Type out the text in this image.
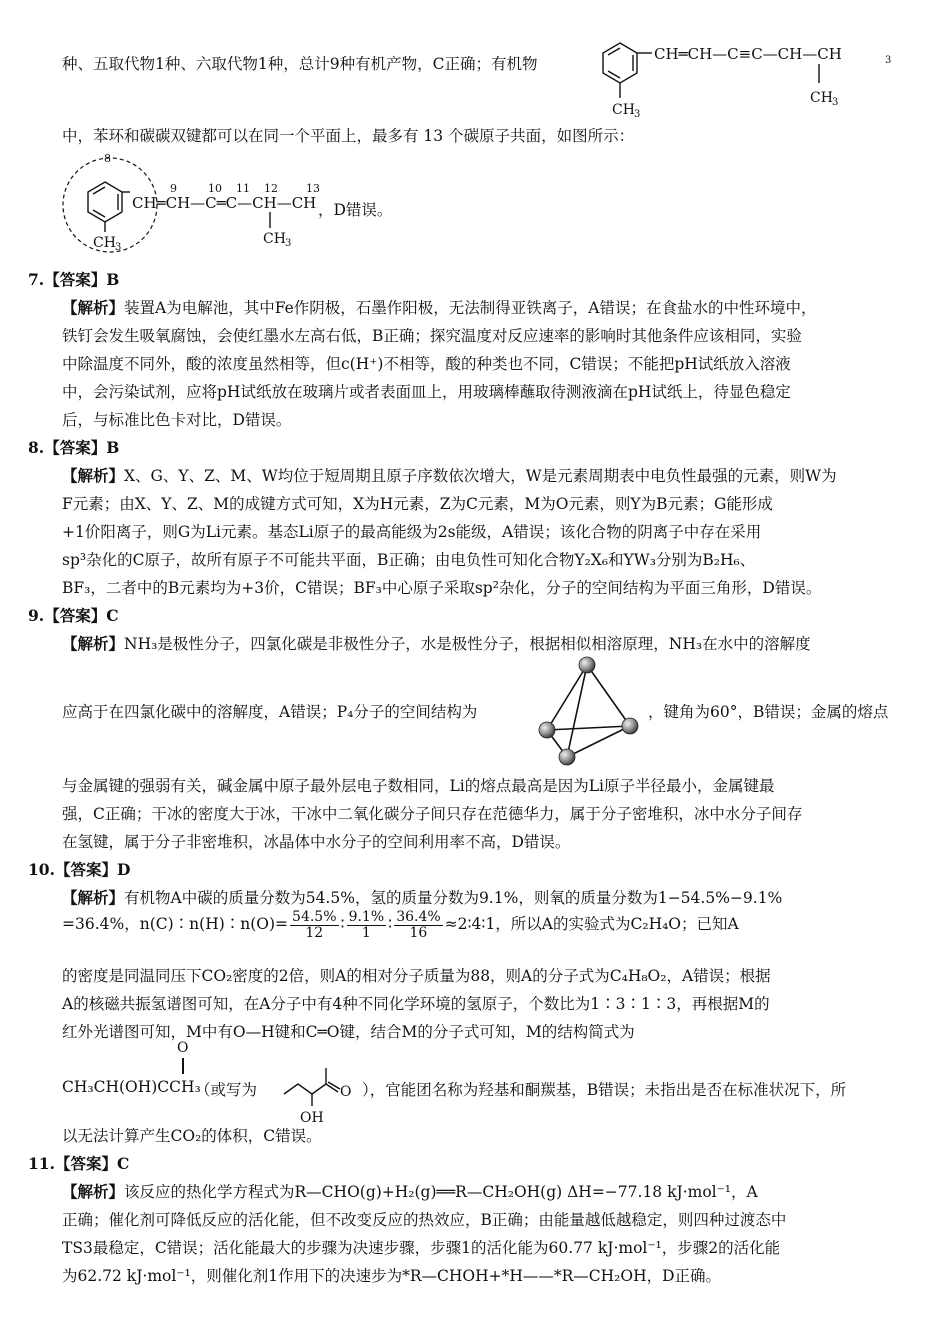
种、五取代物1种、六取代物1种，总计9种有机产物，C正确；有机物
CH═CH—C≡C—CH—CH	3
CH 3
CH 3
中，苯环和碳碳双键都可以在同一个平面上，最多有 13 个碳原子共面，如图所示：
8
9	10 11 12	13
CH═CH—C═C—CH—CH
CH 3
CH 3
，D错误。
7.【答案】B
【解析】装置A为电解池，其中Fe作阴极，石墨作阳极，无法制得亚铁离子，A错误；在食盐水的中性环境中，
铁钉会发生吸氧腐蚀，会使红墨水左高右低，B正确；探究温度对反应速率的影响时其他条件应该相同，实验
中除温度不同外，酸的浓度虽然相等，但c(H⁺)不相等，酸的种类也不同，C错误；不能把pH试纸放入溶液
中，会污染试剂，应将pH试纸放在玻璃片或者表面皿上，用玻璃棒蘸取待测液滴在pH试纸上，待显色稳定
后，与标准比色卡对比，D错误。
8.【答案】B
【解析】X、G、Y、Z、M、W均位于短周期且原子序数依次增大，W是元素周期表中电负性最强的元素，则W为
F元素；由X、Y、Z、M的成键方式可知，X为H元素，Z为C元素，M为O元素，则Y为B元素；G能形成
+1价阳离子，则G为Li元素。基态Li原子的最高能级为2s能级，A错误；该化合物的阴离子中存在采用
sp³杂化的C原子，故所有原子不可能共平面，B正确；由电负性可知化合物Y₂X₆和YW₃分别为B₂H₆、
BF₃，二者中的B元素均为+3价，C错误；BF₃中心原子采取sp²杂化，分子的空间结构为平面三角形，D错误。
9.【答案】C
【解析】NH₃是极性分子，四氯化碳是非极性分子，水是极性分子，根据相似相溶原理，NH₃在水中的溶解度
应高于在四氯化碳中的溶解度，A错误；P₄分子的空间结构为	，键角为60°，B错误；金属的熔点
与金属键的强弱有关，碱金属中原子最外层电子数相同，Li的熔点最高是因为Li原子半径最小，金属键最
强，C正确；干冰的密度大于冰，干冰中二氧化碳分子间只存在范德华力，属于分子密堆积，冰中水分子间存
在氢键，属于分子非密堆积，冰晶体中水分子的空间利用率不高，D错误。
10.【答案】D
【解析】有机物A中碳的质量分数为54.5%，氢的质量分数为9.1%，则氧的质量分数为1−54.5%−9.1%
=36.4%，n(C)∶n(H)∶n(O)= $\frac{54.5\%}{12}$ ∶ $\frac{9.1\%}{1}$ ∶ $\frac{36.4\%}{16}$ ≈2∶4∶1，所以A的实验式为C₂H₄O；已知A
的密度是同温同压下CO₂密度的2倍，则A的相对分子质量为88，则A的分子式为C₄H₈O₂，A错误；根据
A的核磁共振氢谱图可知，在A分子中有4种不同化学环境的氢原子，个数比为1∶3∶1∶3，再根据M的
红外光谱图可知，M中有O—H键和C═O键，结合M的分子式可知，M的结构简式为
CH₃CH(OH)CCH₃
O
（或写为	O
OH
），官能团名称为羟基和酮羰基，B错误；未指出是否在标准状况下，所
以无法计算产生CO₂的体积，C错误。
11.【答案】C
【解析】该反应的热化学方程式为R—CHO(g)+H₂(g)══R—CH₂OH(g) ΔH=−77.18 kJ·mol⁻¹，A
正确；催化剂可降低反应的活化能，但不改变反应的热效应，B正确；由能量越低越稳定，则四种过渡态中
TS3最稳定，C错误；活化能最大的步骤为决速步骤，步骤1的活化能为60.77 kJ·mol⁻¹，步骤2的活化能
为62.72 kJ·mol⁻¹，则催化剂1作用下的决速步为*R—CHOH+*H——*R—CH₂OH，D正确。
